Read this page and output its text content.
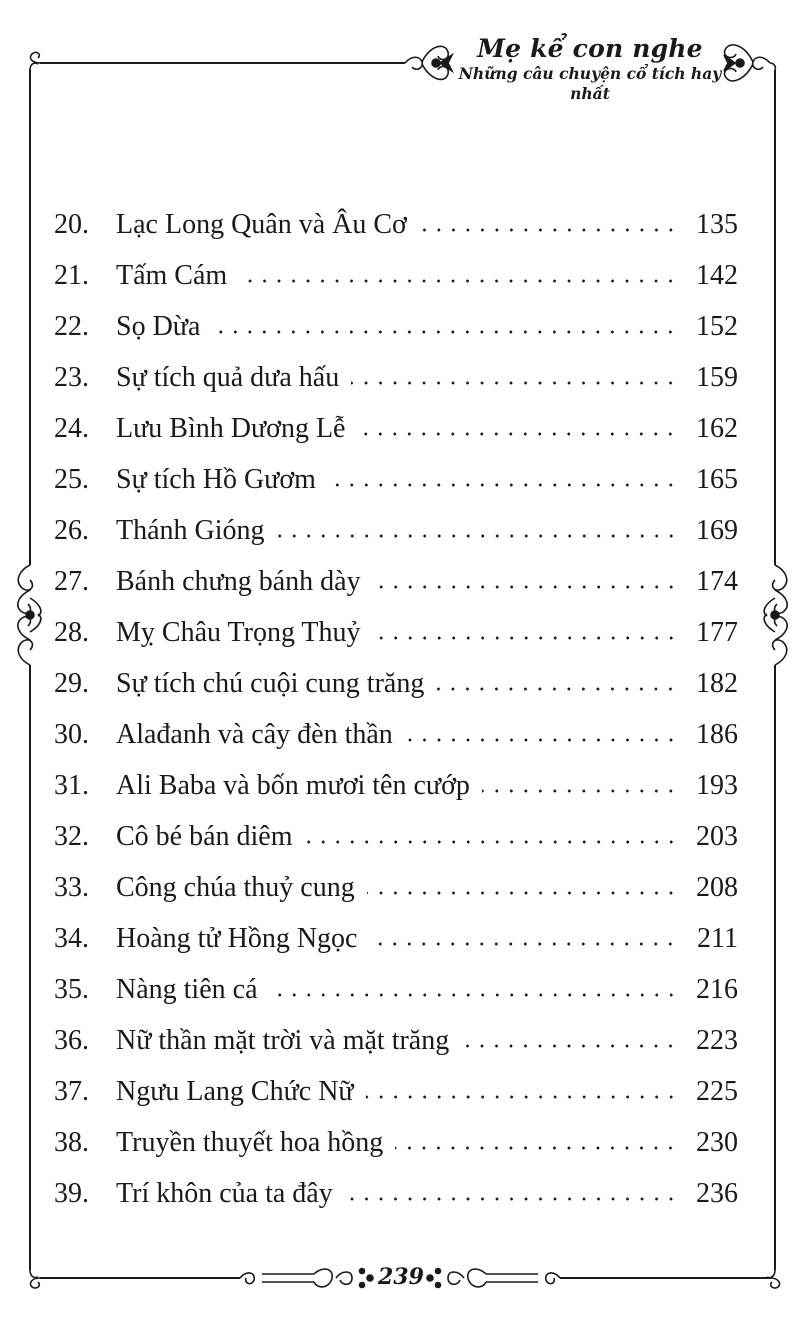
Mẹ kể con nghe
Những câu chuyện cổ tích hay nhất
20. Lạc Long Quân và Âu Cơ	135
21. Tấm Cám	142
22. Sọ Dừa	152
23. Sự tích quả dưa hấu	159
24. Lưu Bình Dương Lễ	162
25. Sự tích Hồ Gươm	165
26. Thánh Gióng	169
27. Bánh chưng bánh dày	174
28. Mỵ Châu Trọng Thuỷ	177
29. Sự tích chú cuội cung trăng	182
30. Alađanh và cây đèn thần	186
31. Ali Baba và bốn mươi tên cướp	193
32. Cô bé bán diêm	203
33. Công chúa thuỷ cung	208
34. Hoàng tử Hồng Ngọc	211
35. Nàng tiên cá	216
36. Nữ thần mặt trời và mặt trăng	223
37. Ngưu Lang Chức Nữ	225
38. Truyền thuyết hoa hồng	230
39. Trí khôn của ta đây	236
239
